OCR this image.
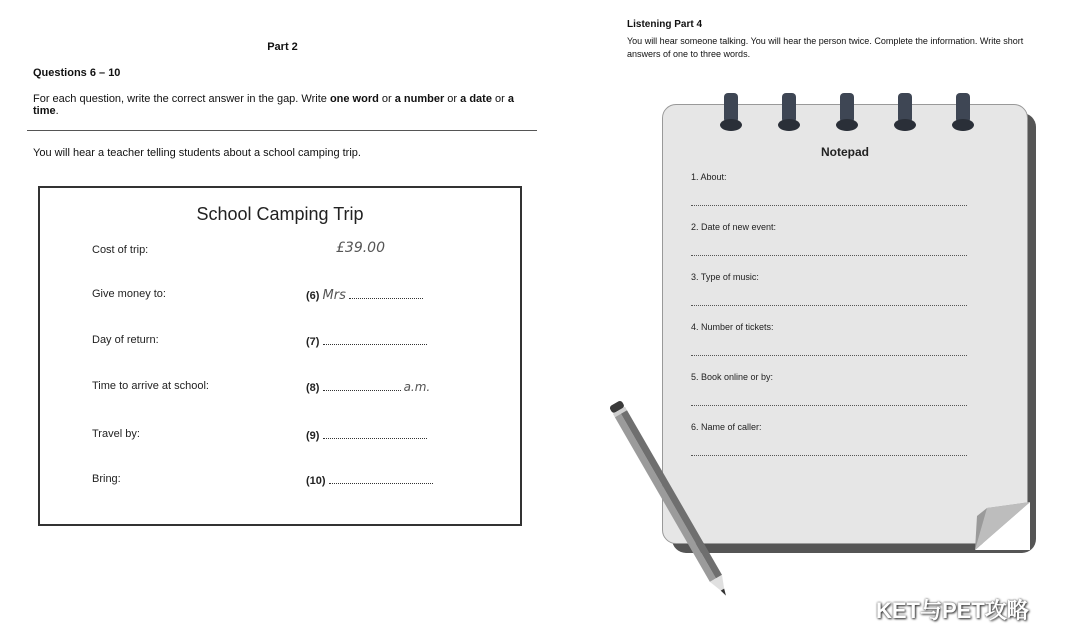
Part 2
Questions 6 – 10
For each question, write the correct answer in the gap. Write one word or a number or a date or a time.
You will hear a teacher telling students about a school camping trip.
School Camping Trip
Cost of trip:	£39.00
Give money to:	(6) Mrs
Day of return:	(7)
Time to arrive at school:	(8)	a.m.
Travel by:	(9)
Bring:	(10)
Listening Part 4
You will hear someone talking. You will hear the person twice. Complete the information. Write short answers of one to three words.
Notepad
1. About:
2. Date of new event:
3. Type of music:
4. Number of tickets:
5. Book online or by:
6. Name of caller:
KET与PET攻略
